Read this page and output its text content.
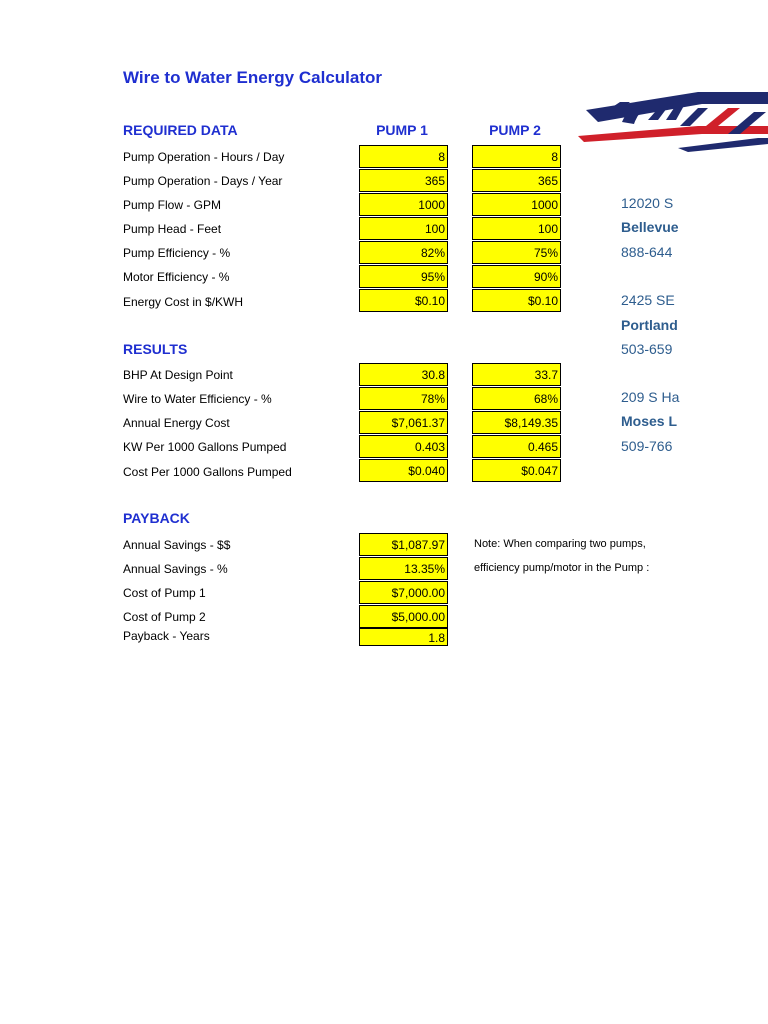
Wire to Water Energy Calculator
REQUIRED DATA	PUMP 1	PUMP 2
Pump Operation - Hours / Day	8	8
Pump Operation - Days / Year	365	365
Pump Flow - GPM	1000	1000
Pump Head - Feet	100	100
Pump Efficiency - %	82%	75%
Motor Efficiency - %	95%	90%
Energy Cost in $/KWH	$0.10	$0.10
RESULTS
BHP At Design Point	30.8	33.7
Wire to Water Efficiency - %	78%	68%
Annual Energy Cost	$7,061.37	$8,149.35
KW Per 1000 Gallons Pumped	0.403	0.465
Cost Per 1000 Gallons Pumped	$0.040	$0.047
PAYBACK
Annual Savings - $$	$1,087.97
Annual Savings - %	13.35%
Cost of Pump 1	$7,000.00
Cost of Pump 2	$5,000.00
Payback - Years	1.8
Note: When comparing two pumps,
efficiency pump/motor in the Pump :
12020 S
Bellevue
888-644
2425 SE
Portland
503-659
209 S Ha
Moses L
509-766
